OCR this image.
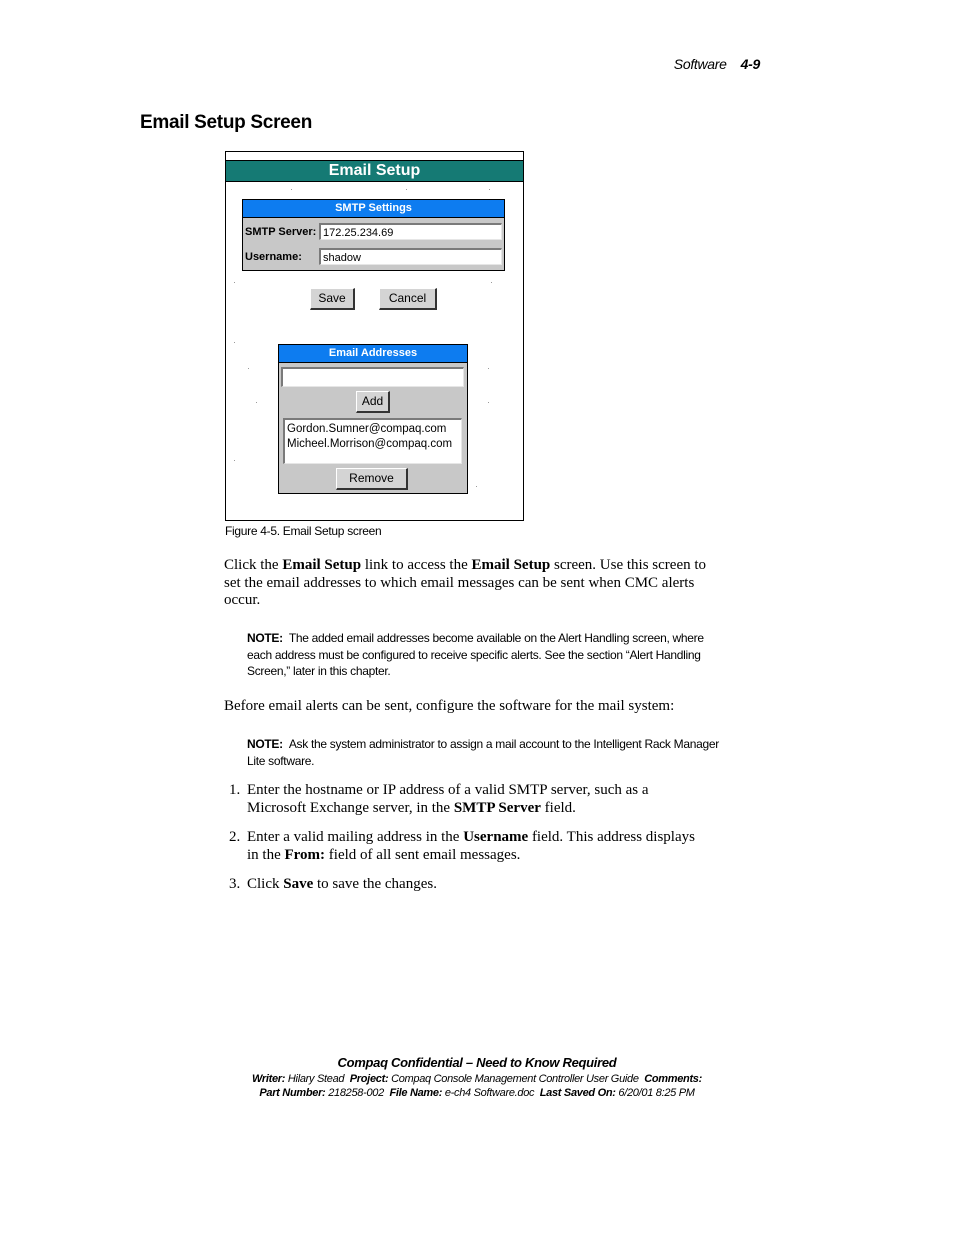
Software 4-9
Email Setup Screen
Email Setup
SMTP Settings
SMTP Server: 172.25.234.69
Username:	shadow
Save	Cancel
Email Addresses
Add
Gordon.Sumner@compaq.com
Micheel.Morrison@compaq.com
Remove
Figure 4-5. Email Setup screen
Click the Email Setup link to access the Email Setup screen. Use this screen to set the email addresses to which email messages can be sent when CMC alerts occur.
NOTE: The added email addresses become available on the Alert Handling screen, where each address must be configured to receive specific alerts. See the section “Alert Handling Screen,” later in this chapter.
Before email alerts can be sent, configure the software for the mail system:
NOTE: Ask the system administrator to assign a mail account to the Intelligent Rack Manager Lite software.
1. Enter the hostname or IP address of a valid SMTP server, such as a Microsoft Exchange server, in the SMTP Server field.
2. Enter a valid mailing address in the Username field. This address displays in the From: field of all sent email messages.
3. Click Save to save the changes.
Compaq Confidential – Need to Know Required
Writer: Hilary Stead Project: Compaq Console Management Controller User Guide Comments:
Part Number: 218258-002 File Name: e-ch4 Software.doc Last Saved On: 6/20/01 8:25 PM
